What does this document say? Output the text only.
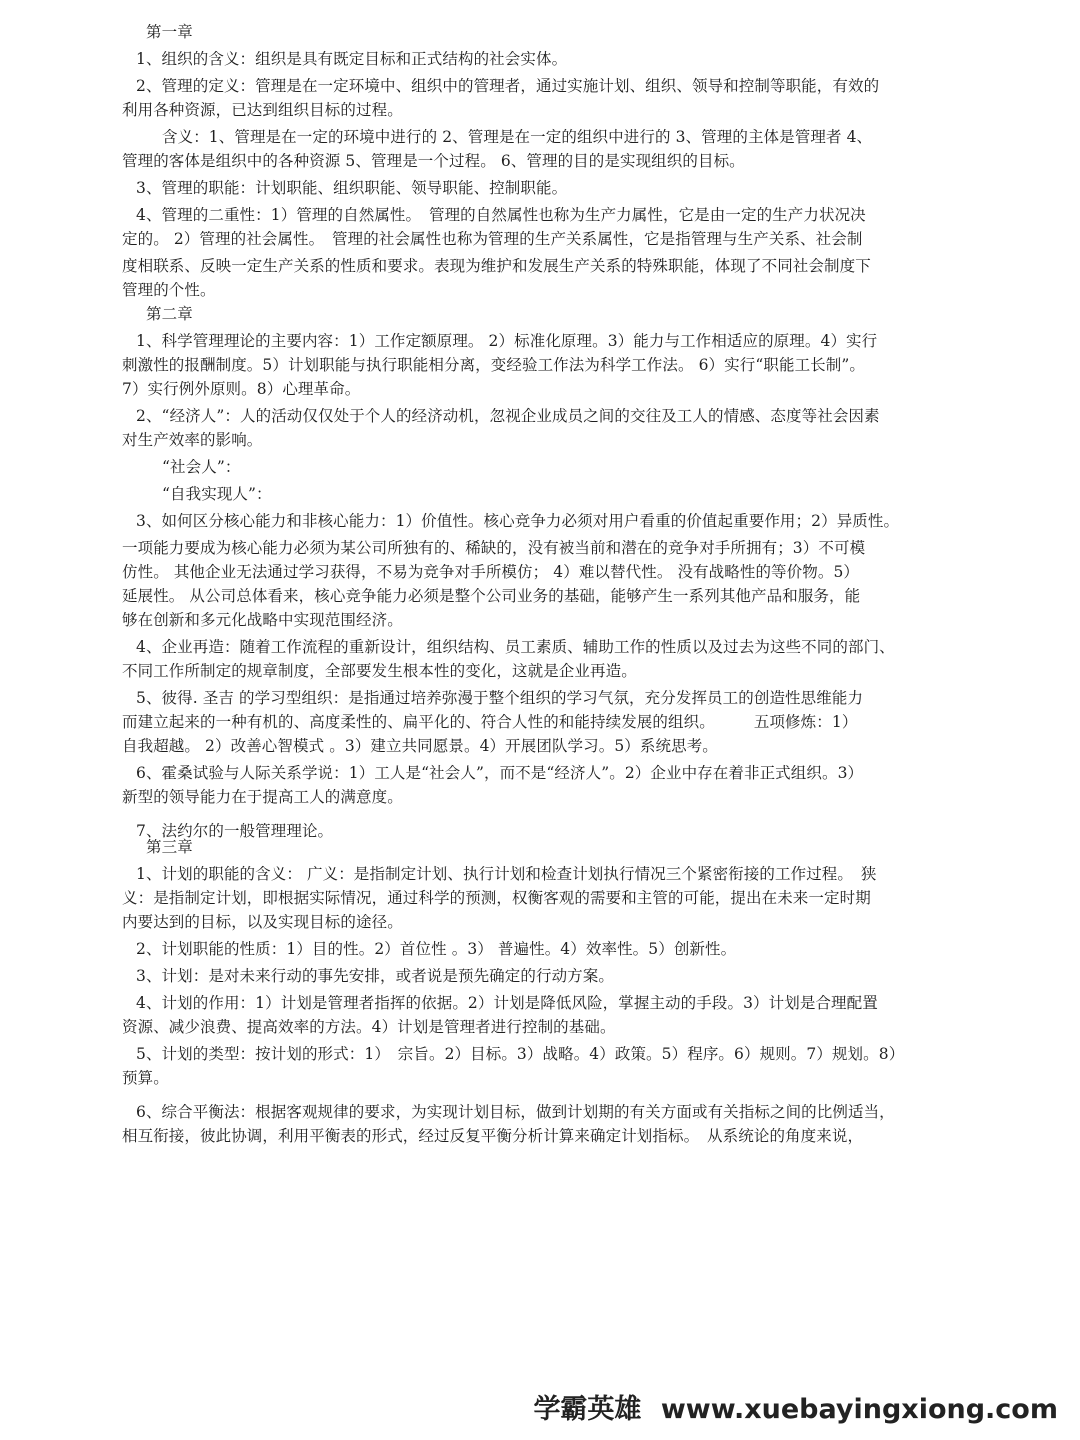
第一章
1、组织的含义：组织是具有既定目标和正式结构的社会实体。
2、管理的定义：管理是在一定环境中、组织中的管理者，通过实施计划、组织、领导和控制等职能，有效的
利用各种资源，已达到组织目标的过程。
含义：1、管理是在一定的环境中进行的 2、管理是在一定的组织中进行的 3、管理的主体是管理者 4、
管理的客体是组织中的各种资源 5、管理是一个过程。 6、管理的目的是实现组织的目标。
3、管理的职能：计划职能、组织职能、领导职能、控制职能。
4、管理的二重性：1）管理的自然属性。　管理的自然属性也称为生产力属性，它是由一定的生产力状况决
定的。 2）管理的社会属性。　管理的社会属性也称为管理的生产关系属性，它是指管理与生产关系、社会制
度相联系、反映一定生产关系的性质和要求。表现为维护和发展生产关系的特殊职能，体现了不同社会制度下
管理的个性。
第二章
1、科学管理理论的主要内容：1）工作定额原理。 2）标准化原理。3）能力与工作相适应的原理。4）实行
刺激性的报酬制度。5）计划职能与执行职能相分离，变经验工作法为科学工作法。 6）实行“职能工长制”。
7）实行例外原则。8）心理革命。
2、“经济人”：人的活动仅仅处于个人的经济动机，忽视企业成员之间的交往及工人的情感、态度等社会因素
对生产效率的影响。
“社会人”：
“自我实现人”：
3、如何区分核心能力和非核心能力：1）价值性。核心竞争力必须对用户看重的价值起重要作用；2）异质性。
一项能力要成为核心能力必须为某公司所独有的、稀缺的，没有被当前和潜在的竞争对手所拥有；3）不可模
仿性。 其他企业无法通过学习获得，不易为竞争对手所模仿； 4）难以替代性。 没有战略性的等价物。5）
延展性。 从公司总体看来，核心竞争能力必须是整个公司业务的基础，能够产生一系列其他产品和服务，能
够在创新和多元化战略中实现范围经济。
4、企业再造：随着工作流程的重新设计，组织结构、员工素质、辅助工作的性质以及过去为这些不同的部门、
不同工作所制定的规章制度，全部要发生根本性的变化，这就是企业再造。
5、彼得. 圣吉 的学习型组织：是指通过培养弥漫于整个组织的学习气氛，充分发挥员工的创造性思维能力
而建立起来的一种有机的、高度柔性的、扁平化的、符合人性的和能持续发展的组织。　　　五项修炼：1）
自我超越。 2）改善心智模式 。3）建立共同愿景。4）开展团队学习。5）系统思考。
6、霍桑试验与人际关系学说：1）工人是“社会人”，而不是“经济人”。2）企业中存在着非正式组织。3）
新型的领导能力在于提高工人的满意度。
7、法约尔的一般管理理论。
第三章
1、计划的职能的含义： 广义：是指制定计划、执行计划和检查计划执行情况三个紧密衔接的工作过程。　狭
义：是指制定计划，即根据实际情况，通过科学的预测，权衡客观的需要和主管的可能，提出在未来一定时期
内要达到的目标，以及实现目标的途径。
2、计划职能的性质：1）目的性。2）首位性 。3） 普遍性。4）效率性。5）创新性。
3、计划：是对未来行动的事先安排，或者说是预先确定的行动方案。
4、计划的作用：1）计划是管理者指挥的依据。2）计划是降低风险，掌握主动的手段。3）计划是合理配置
资源、减少浪费、提高效率的方法。4）计划是管理者进行控制的基础。
5、计划的类型：按计划的形式：1）　宗旨。2）目标。3）战略。4）政策。5）程序。6）规则。7）规划。8）
预算。
6、综合平衡法：根据客观规律的要求，为实现计划目标，做到计划期的有关方面或有关指标之间的比例适当，
相互衔接，彼此协调，利用平衡表的形式，经过反复平衡分析计算来确定计划指标。　从系统论的角度来说，
学霸英雄 www.xuebayingxiong.com
